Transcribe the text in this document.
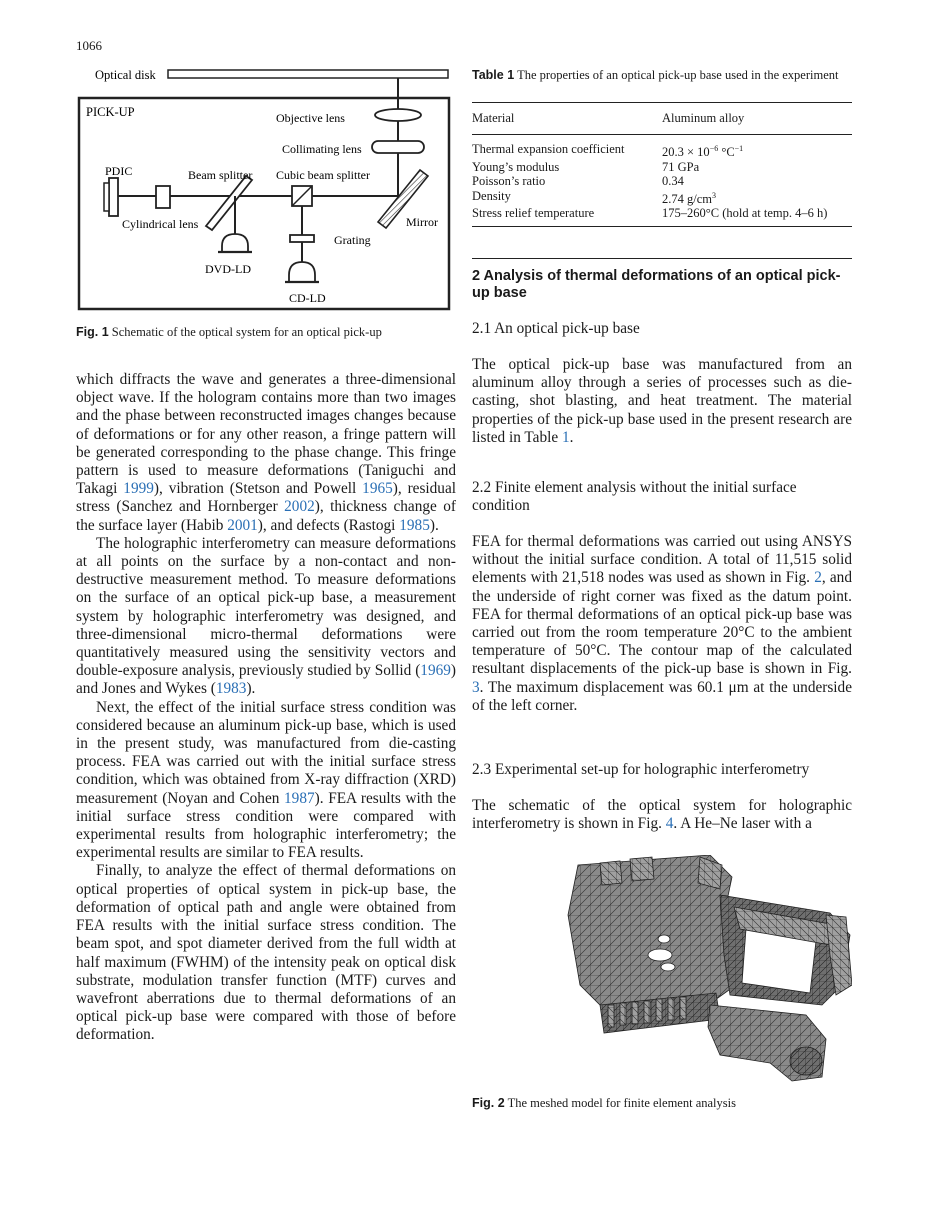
1066
Optical disk
PICK-UP	Objective lens
Collimating lens
PDIC
Cylindrical lens
Beam splitter
DVD-LD
Cubic beam splitter
Grating
CD-LD
Mirror
Fig. 1 Schematic of the optical system for an optical pick-up

which diffracts the wave and generates a three-dimensional object wave. If the hologram contains more than two images and the phase between reconstructed images changes because of deformations or for any other reason, a fringe pattern will be generated corresponding to the phase change. This fringe pattern is used to measure deformations (Taniguchi and Takagi 1999), vibration (Stetson and Powell 1965), residual stress (Sanchez and Hornberger 2002), thickness change of the surface layer (Habib 2001), and defects (Rastogi 1985).

The holographic interferometry can measure deformations at all points on the surface by a non-contact and non-destructive measurement method. To measure deformations on the surface of an optical pick-up base, a measurement system by holographic interferometry was designed, and three-dimensional micro-thermal deformations were quantitatively measured using the sensitivity vectors and double-exposure analysis, previously studied by Sollid (1969) and Jones and Wykes (1983).

Next, the effect of the initial surface stress condition was considered because an aluminum pick-up base, which is used in the present study, was manufactured from die-casting process. FEA was carried out with the initial surface stress condition, which was obtained from X-ray diffraction (XRD) measurement (Noyan and Cohen 1987). FEA results with the initial surface stress condition were compared with experimental results from holographic interferometry; the experimental results are similar to FEA results.

Finally, to analyze the effect of thermal deformations on optical properties of optical system in pick-up base, the deformation of optical path and angle were obtained from FEA results with the initial surface stress condition. The beam spot, and spot diameter derived from the full width at half maximum (FWHM) of the intensity peak on optical disk substrate, modulation transfer function (MTF) curves and wavefront aberrations due to thermal deformations of an optical pick-up base were compared with those of before deformation.

Table 1 The properties of an optical pick-up base used in the experiment
Material	Aluminum alloy
Thermal expansion coefficient	$20.3 \times 10^{-6}$ $^\circ C^{-1}$
Young’s modulus	71 GPa
Poisson’s ratio	0.34
Density	2.74 $g/cm^3$
Stress relief temperature	175–260°C (hold at temp. 4–6 h)
2 Analysis of thermal deformations of an optical pick-up base
2.1 An optical pick-up base

The optical pick-up base was manufactured from an aluminum alloy through a series of processes such as die-casting, shot blasting, and heat treatment. The material properties of the pick-up base used in the present research are listed in Table 1.

2.2 Finite element analysis without the initial surface condition

FEA for thermal deformations was carried out using ANSYS without the initial surface condition. A total of 11,515 solid elements with 21,518 nodes was used as shown in Fig. 2, and the underside of right corner was fixed as the datum point. FEA for thermal deformations of an optical pick-up base was carried out from the room temperature 20°C to the ambient temperature of 50°C. The contour map of the calculated resultant displacements of the pick-up base is shown in Fig. 3. The maximum displacement was 60.1 μm at the underside of the left corner.

2.3 Experimental set-up for holographic interferometry

The schematic of the optical system for holographic interferometry is shown in Fig. 4. A He–Ne laser with a

Fig. 2 The meshed model for finite element analysis
